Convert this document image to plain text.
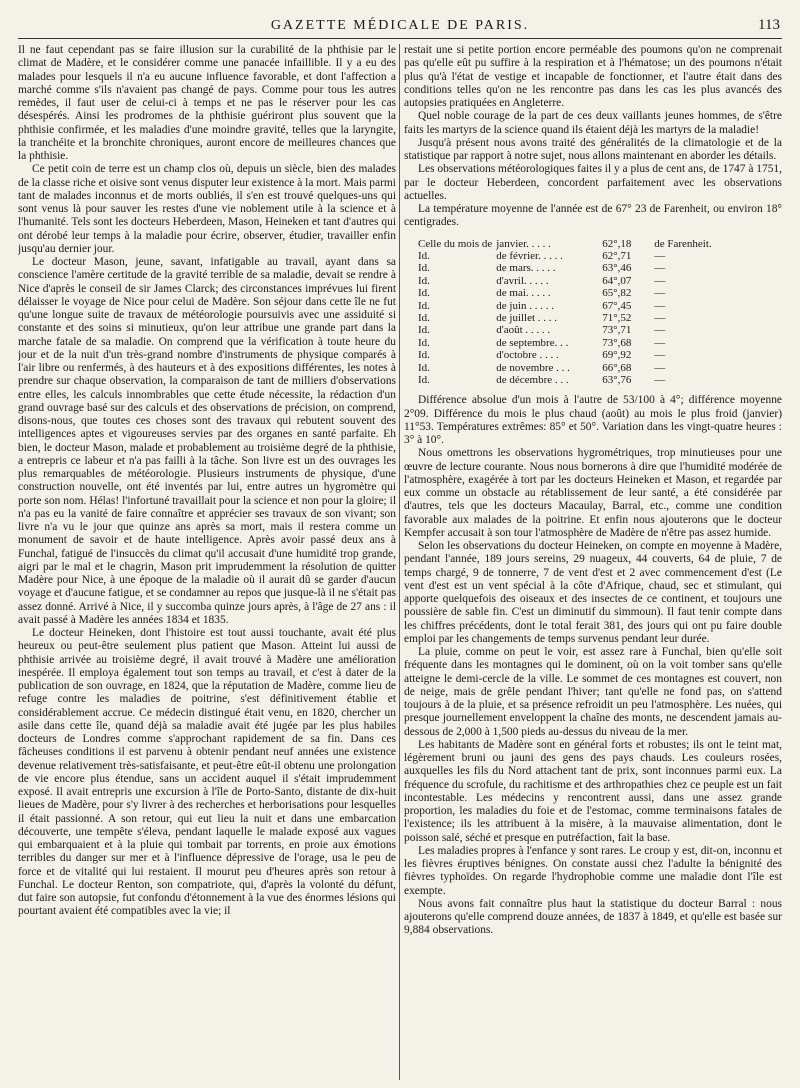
GAZETTE MÉDICALE DE PARIS.	113

Il ne faut cependant pas se faire illusion sur la curabilité de la phthisie par le climat de Madère, et le considérer comme une panacée infaillible. Il y a eu des malades pour lesquels il n'a eu aucune influence favorable, et dont l'affection a marché comme s'ils n'avaient pas changé de pays. Comme pour tous les autres remèdes, il faut user de celui-ci à temps et ne pas le réserver pour les cas désespérés. Ainsi les prodromes de la phthisie guériront plus souvent que la phthisie confirmée, et les maladies d'une moindre gravité, telles que la laryngite, la tranchéite et la bronchite chroniques, auront encore de meilleures chances que la phthisie.

Ce petit coin de terre est un champ clos où, depuis un siècle, bien des malades de la classe riche et oisive sont venus disputer leur existence à la mort. Mais parmi tant de malades inconnus et de morts oubliés, il s'en est trouvé quelques-uns qui sont venus là pour sauver les restes d'une vie noblement utile à la science et à l'humanité. Tels sont les docteurs Heberdeen, Mason, Heineken et tant d'autres qui ont dérobé leur temps à la maladie pour écrire, observer, étudier, travailler enfin jusqu'au dernier jour.

Le docteur Mason, jeune, savant, infatigable au travail, ayant dans sa conscience l'amère certitude de la gravité terrible de sa maladie, devait se rendre à Nice d'après le conseil de sir James Clarck; des circonstances imprévues lui firent délaisser le voyage de Nice pour celui de Madère. Son séjour dans cette île ne fut qu'une longue suite de travaux de météorologie poursuivis avec une assiduité si constante et des soins si minutieux, qu'on leur attribue une grande part dans la marche fatale de sa maladie. On comprend que la vérification à toute heure du jour et de la nuit d'un très-grand nombre d'instruments de physique comparés à l'air libre ou renfermés, à des hauteurs et à des expositions différentes, les notes à prendre sur chaque observation, la comparaison de tant de milliers d'observations entre elles, les calculs innombrables que cette étude nécessite, la rédaction d'un grand ouvrage basé sur des calculs et des observations de précision, on comprend, disons-nous, que toutes ces choses sont des travaux qui rebutent souvent des intelligences aptes et vigoureuses servies par des organes en santé parfaite. Eh bien, le docteur Mason, malade et probablement au troisième degré de la phthisie, a entrepris ce labeur et n'a pas failli à la tâche. Son livre est un des ouvrages les plus remarquables de météorologie. Plusieurs instruments de physique, d'une construction nouvelle, ont été inventés par lui, entre autres un hygromètre qui porte son nom. Hélas! l'infortuné travaillait pour la science et non pour la gloire; il n'a pas eu la vanité de faire connaître et apprécier ses travaux de son vivant; son livre n'a vu le jour que quinze ans après sa mort, mais il restera comme un monument de savoir et de haute intelligence. Après avoir passé deux ans à Funchal, fatigué de l'insuccès du climat qu'il accusait d'une humidité trop grande, aigri par le mal et le chagrin, Mason prit imprudemment la résolution de quitter Madère pour Nice, à une époque de la maladie où il aurait dû se garder d'aucun voyage et d'aucune fatigue, et se condamner au repos que jusque-là il ne s'était pas assez donné. Arrivé à Nice, il y succomba quinze jours après, à l'âge de 27 ans : il avait passé à Madère les années 1834 et 1835.

Le docteur Heineken, dont l'histoire est tout aussi touchante, avait été plus heureux ou peut-être seulement plus patient que Mason. Atteint lui aussi de phthisie arrivée au troisième degré, il avait trouvé à Madère une amélioration inespérée. Il employa également tout son temps au travail, et c'est à dater de la publication de son ouvrage, en 1824, que la réputation de Madère, comme lieu de refuge contre les maladies de poitrine, s'est définitivement établie et considérablement accrue. Ce médecin distingué était venu, en 1820, chercher un asile dans cette île, quand déjà sa maladie avait été jugée par les plus habiles docteurs de Londres comme s'approchant rapidement de sa fin. Dans ces fâcheuses conditions il est parvenu à obtenir pendant neuf années une existence devenue relativement très-satisfaisante, et peut-être eût-il obtenu une prolongation de vie encore plus étendue, sans un accident auquel il s'était imprudemment exposé. Il avait entrepris une excursion à l'île de Porto-Santo, distante de dix-huit lieues de Madère, pour s'y livrer à des recherches et herborisations pour lesquelles il était passionné. A son retour, qui eut lieu la nuit et dans une embarcation découverte, une tempête s'éleva, pendant laquelle le malade exposé aux vagues qui embarquaient et à la pluie qui tombait par torrents, en proie aux émotions terribles du danger sur mer et à l'influence dépressive de l'orage, usa le peu de force et de vitalité qui lui restaient. Il mourut peu d'heures après son retour à Funchal. Le docteur Renton, son compatriote, qui, d'après la volonté du défunt, dut faire son autopsie, fut confondu d'étonnement à la vue des énormes lésions qui pourtant avaient été compatibles avec la vie; il

restait une si petite portion encore perméable des poumons qu'on ne comprenait pas qu'elle eût pu suffire à la respiration et à l'hématose; un des poumons n'était plus qu'à l'état de vestige et incapable de fonctionner, et l'autre était dans des conditions telles qu'on ne les rencontre pas dans les cas les plus avancés des autopsies pratiquées en Angleterre.

Quel noble courage de la part de ces deux vaillants jeunes hommes, de s'être faits les martyrs de la science quand ils étaient déjà les martyrs de la maladie!

Jusqu'à présent nous avons traité des généralités de la climatologie et de la statistique par rapport à notre sujet, nous allons maintenant en aborder les détails.

Les observations météorologiques faites il y a plus de cent ans, de 1747 à 1751, par le docteur Heberdeen, concordent parfaitement avec les observations actuelles.

La température moyenne de l'année est de 67° 23 de Farenheit, ou environ 18° centigrades.

Celle du mois de	janvier. . . . .	62°,18	de Farenheit.
Id.	de février. . . . .	62°,71	—
Id.	de mars. . . . .	63°,46	—
Id.	d'avril. . . . .	64°,07	—
Id.	de mai. . . . .	65°,82	—
Id.	de juin . . . . .	67°,45	—
Id.	de juillet . . . .	71°,52	—
Id.	d'août . . . . .	73°,71	—
Id.	de septembre. . .	73°,68	—
Id.	d'octobre . . . .	69°,92	—
Id.	de novembre . . .	66°,68	—
Id.	de décembre . . .	63°,76	—

Différence absolue d'un mois à l'autre de 53/100 à 4°; différence moyenne 2°09. Différence du mois le plus chaud (août) au mois le plus froid (janvier) 11°53. Températures extrêmes: 85° et 50°. Variation dans les vingt-quatre heures : 3° à 10°.

Nous omettrons les observations hygrométriques, trop minutieuses pour une œuvre de lecture courante. Nous nous bornerons à dire que l'humidité modérée de l'atmosphère, exagérée à tort par les docteurs Heineken et Mason, et regardée par eux comme un obstacle au rétablissement de leur santé, a été considérée par d'autres, tels que les docteurs Macaulay, Barral, etc., comme une condition favorable aux malades de la poitrine. Et enfin nous ajouterons que le docteur Kempfer accusait à son tour l'atmosphère de Madère de n'être pas assez humide.

Selon les observations du docteur Heineken, on compte en moyenne à Madère, pendant l'année, 189 jours sereins, 29 nuageux, 44 couverts, 64 de pluie, 7 de temps chargé, 9 de tonnerre, 7 de vent d'est et 2 avec commencement d'est (Le vent d'est est un vent spécial à la côte d'Afrique, chaud, sec et stimulant, qui apporte quelquefois des oiseaux et des insectes de ce continent, et toujours une poussière de sable fin. C'est un diminutif du simmoun). Il faut tenir compte dans les chiffres précédents, dont le total ferait 381, des jours qui ont pu faire double emploi par les changements de temps survenus pendant leur durée.

La pluie, comme on peut le voir, est assez rare à Funchal, bien qu'elle soit fréquente dans les montagnes qui le dominent, où on la voit tomber sans qu'elle atteigne le demi-cercle de la ville. Le sommet de ces montagnes est couvert, non de neige, mais de grêle pendant l'hiver; tant qu'elle ne fond pas, on s'attend toujours à de la pluie, et sa présence refroidit un peu l'atmosphère. Les nuées, qui presque journellement enveloppent la chaîne des monts, ne descendent jamais au-dessous de 2,000 à 1,500 pieds au-dessus du niveau de la mer.

Les habitants de Madère sont en général forts et robustes; ils ont le teint mat, légèrement bruni ou jauni des gens des pays chauds. Les couleurs rosées, auxquelles les fils du Nord attachent tant de prix, sont inconnues parmi eux. La fréquence du scrofule, du rachitisme et des arthropathies chez ce peuple est un fait incontestable. Les médecins y rencontrent aussi, dans une assez grande proportion, les maladies du foie et de l'estomac, comme terminaisons fatales de l'existence; ils les attribuent à la misère, à la mauvaise alimentation, dont le poisson salé, séché et presque en putréfaction, fait la base.

Les maladies propres à l'enfance y sont rares. Le croup y est, dit-on, inconnu et les fièvres éruptives bénignes. On constate aussi chez l'adulte la bénignité des fièvres typhoïdes. On regarde l'hydrophobie comme une maladie dont l'île est exempte.

Nous avons fait connaître plus haut la statistique du docteur Barral : nous ajouterons qu'elle comprend douze années, de 1837 à 1849, et qu'elle est basée sur 9,884 observations.
